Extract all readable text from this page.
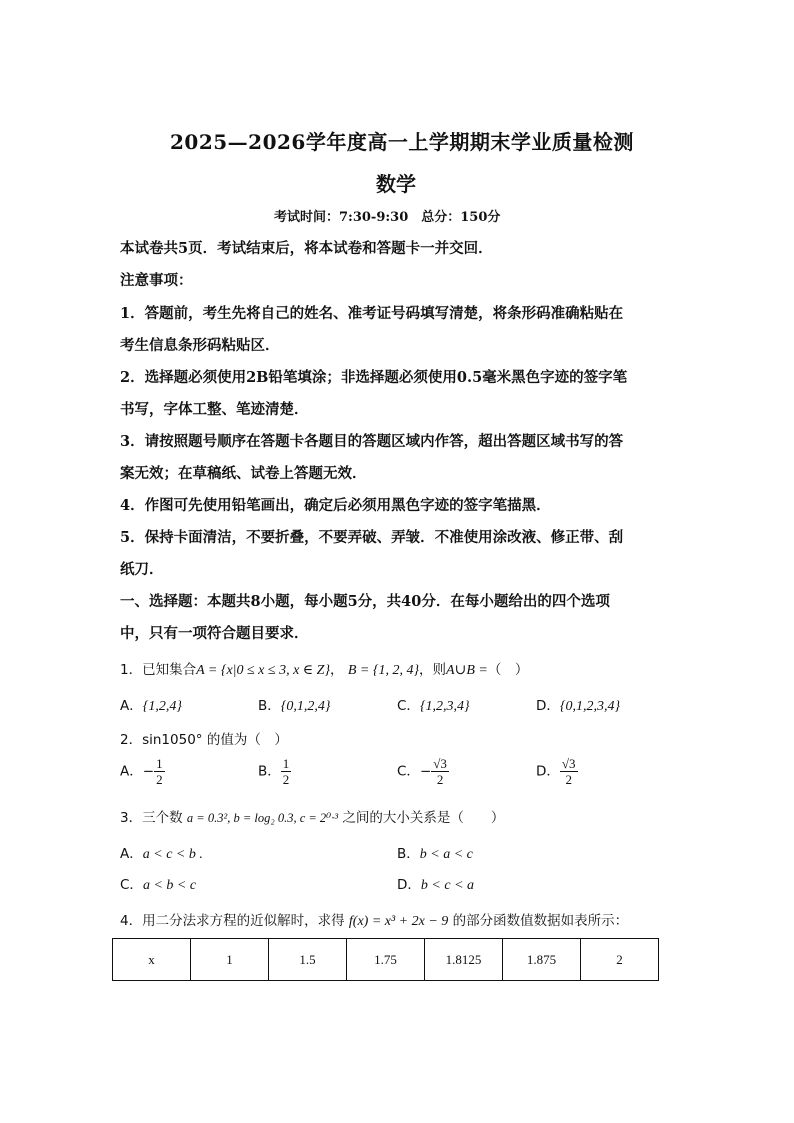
2025—2026学年度高一上学期期末学业质量检测
数学
考试时间：7:30-9:30　总分：150分
本试卷共5页．考试结束后，将本试卷和答题卡一并交回．
注意事项：
1．答题前，考生先将自己的姓名、准考证号码填写清楚，将条形码准确粘贴在
考生信息条形码粘贴区．
2．选择题必须使用2B铅笔填涂；非选择题必须使用0.5毫米黑色字迹的签字笔
书写，字体工整、笔迹清楚．
3．请按照题号顺序在答题卡各题目的答题区域内作答，超出答题区域书写的答
案无效；在草稿纸、试卷上答题无效．
4．作图可先使用铅笔画出，确定后必须用黑色字迹的签字笔描黑．
5．保持卡面清洁，不要折叠，不要弄破、弄皱．不准使用涂改液、修正带、刮
纸刀．
一、选择题：本题共8小题，每小题5分，共40分．在每小题给出的四个选项
中，只有一项符合题目要求．
1．已知集合A = {x|0 ≤ x ≤ 3, x ∈ Z}， B = {1, 2, 4}，则A∪B =（　）
A．{1,2,4}	B．{0,1,2,4}	C．{1,2,3,4}	D．{0,1,2,3,4}
2．sin1050° 的值为（　）
A．− $\frac{1}{2}$	B． $\frac{1}{2}$	C．− $\frac{√3}{2}$	D． $\frac{√3}{2}$
3．三个数 a = 0.3², b = log₂ 0.3, c = 2⁰·³ 之间的大小关系是（　　）
A．a < c < b .	B．b < a < c
C．a < b < c	D．b < c < a
4．用二分法求方程的近似解时，求得 f(x) = x³ + 2x − 9 的部分函数值数据如表所示：
x	1	1.5	1.75	1.8125	1.875	2
